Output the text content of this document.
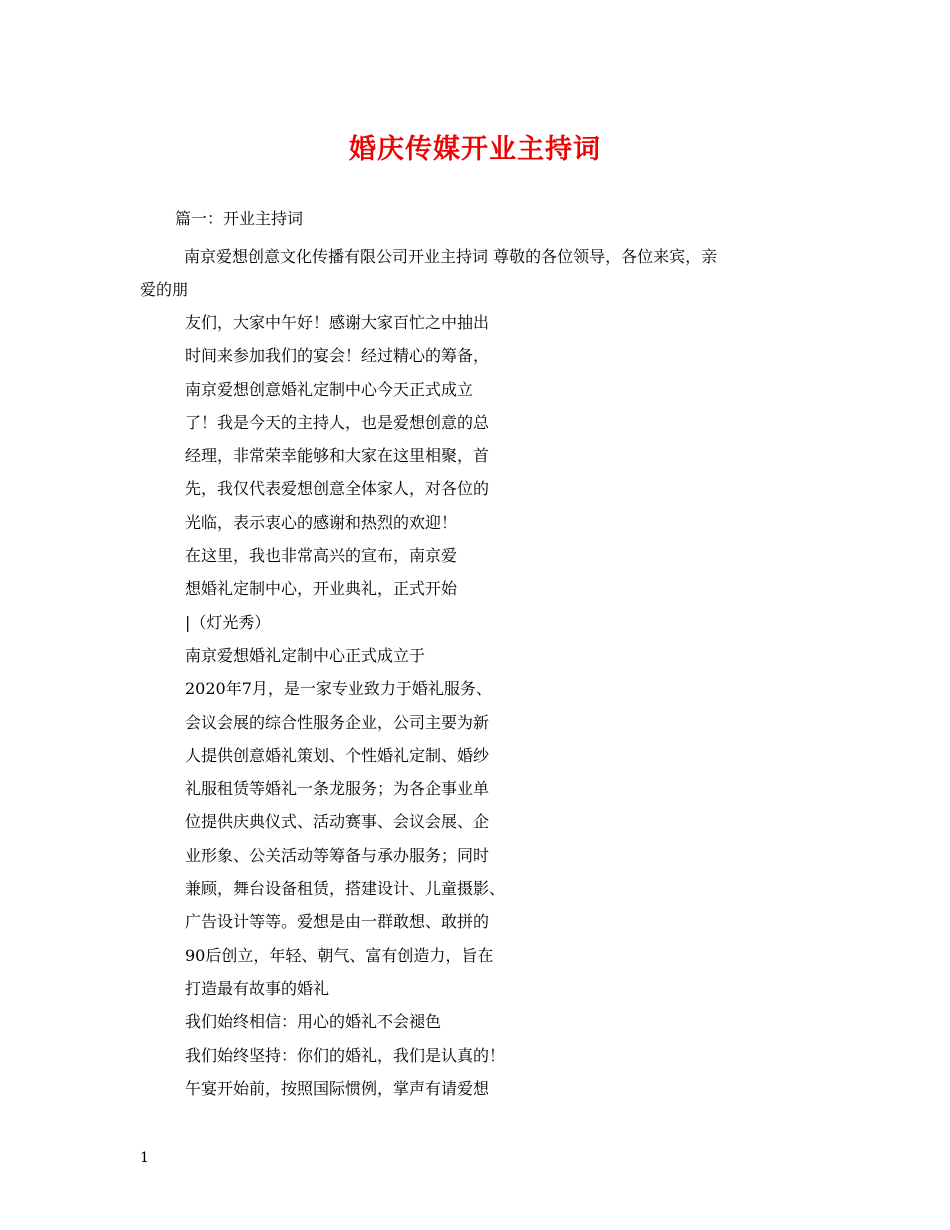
婚庆传媒开业主持词
篇一：开业主持词
南京爱想创意文化传播有限公司开业主持词 尊敬的各位领导，各位来宾，亲
爱的朋
友们，大家中午好！感谢大家百忙之中抽出
时间来参加我们的宴会！经过精心的筹备，
南京爱想创意婚礼定制中心今天正式成立
了！我是今天的主持人，也是爱想创意的总
经理，非常荣幸能够和大家在这里相聚，首
先，我仅代表爱想创意全体家人，对各位的
光临，表示衷心的感谢和热烈的欢迎！
在这里，我也非常高兴的宣布，南京爱
想婚礼定制中心，开业典礼，正式开始
|（灯光秀）
南京爱想婚礼定制中心正式成立于
2020年7月，是一家专业致力于婚礼服务、
会议会展的综合性服务企业，公司主要为新
人提供创意婚礼策划、个性婚礼定制、婚纱
礼服租赁等婚礼一条龙服务；为各企事业单
位提供庆典仪式、活动赛事、会议会展、企
业形象、公关活动等筹备与承办服务；同时
兼顾，舞台设备租赁，搭建设计、儿童摄影、
广告设计等等。爱想是由一群敢想、敢拼的
90后创立，年轻、朝气、富有创造力，旨在
打造最有故事的婚礼
我们始终相信：用心的婚礼不会褪色
我们始终坚持：你们的婚礼，我们是认真的！
午宴开始前，按照国际惯例，掌声有请爱想
1
